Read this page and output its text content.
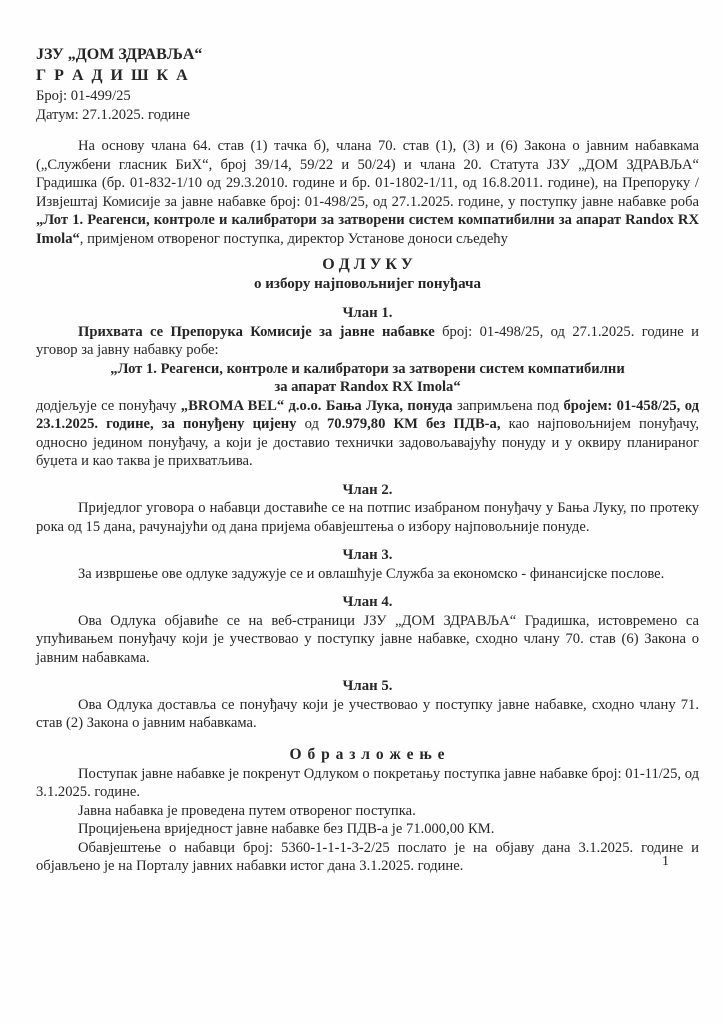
ЈЗУ „ДОМ ЗДРАВЉА“
Г Р А Д И Ш К А
Број: 01-499/25
Датум: 27.1.2025. године

На основу члана 64. став (1) тачка б), члана 70. став (1), (3) и (6) Закона о јавним набавкама („Службени гласник БиХ“, број 39/14, 59/22 и 50/24) и члана 20. Статута ЈЗУ „ДОМ ЗДРАВЉА“ Градишка (бр. 01-832-1/10 од 29.3.2010. године и бр. 01-1802-1/11, од 16.8.2011. године), на Препоруку / Извјештај Комисије за јавне набавке број: 01-498/25, од 27.1.2025. године, у поступку јавне набавке роба „Лот 1. Реагенси, контроле и калибратори за затворени систем компатибилни за апарат Randox RX Imola“, примјеном отвореног поступка, директор Установе доноси сљедећу

О Д Л У К У
о избору најповољнијег понуђача
Члан 1.

Прихвата се Препорука Комисије за јавне набавке број: 01-498/25, од 27.1.2025. године и уговор за јавну набавку робе:

„Лот 1. Реагенси, контроле и калибратори за затворени систем компатибилни
за апарат Randox RX Imola“

додјељује се понуђачу „BROMA BEL“ д.о.о. Бања Лука, понуда запримљена под бројем: 01-458/25, од 23.1.2025. године, за понуђену цијену од 70.979,80 КМ без ПДВ-а, као најповољнијем понуђачу, односно једином понуђачу, а који је доставио технички задовољавајућу понуду и у оквиру планираног буџета и као таква је прихватљива.

Члан 2.

Приједлог уговора о набавци доставиће се на потпис изабраном понуђачу у Бања Луку, по протеку рока од 15 дана, рачунајући од дана пријема обавјештења о избору најповољније понуде.

Члан 3.

За извршење ове одлуке задужује се и овлашћује Служба за економско - финансијске послове.

Члан 4.

Ова Одлука објавиће се на веб-страници ЈЗУ „ДОМ ЗДРАВЉА“ Градишка, истовремено са упућивањем понуђачу који је учествовао у поступку јавне набавке, сходно члану 70. став (6) Закона о јавним набавкама.

Члан 5.

Ова Одлука доставља се понуђачу који је учествовао у поступку јавне набавке, сходно члану 71. став (2) Закона о јавним набавкама.

О б р а з л о ж е њ е

Поступак јавне набавке је покренут Одлуком о покретању поступка јавне набавке број: 01-11/25, од 3.1.2025. године.

Јавна набавка је проведена путем отвореног поступка.

Процијењена вриједност јавне набавке без ПДВ-а је 71.000,00 КМ.

Обавјештење о набавци број: 5360-1-1-1-3-2/25 послато је на објаву дана 3.1.2025. године и објављено је на Порталу јавних набавки истог дана 3.1.2025. године.	1
